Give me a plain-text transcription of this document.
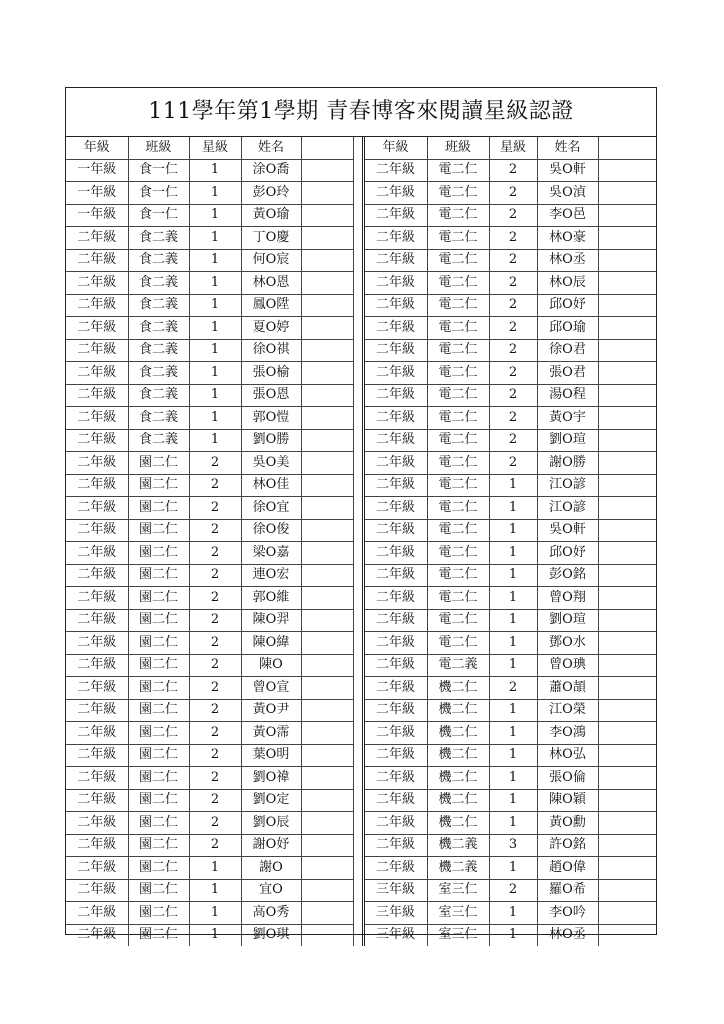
111學年第1學期 青春博客來閱讀星級認證
年級	班級	星級	姓名			年級	班級	星級	姓名	
一年級	食一仁	1	涂O喬			二年級	電二仁	2	吳O軒	
一年級	食一仁	1	彭O玲			二年級	電二仁	2	吳O湞	
一年級	食一仁	1	黃O瑜			二年級	電二仁	2	李O邑	
二年級	食二義	1	丁O慶			二年級	電二仁	2	林O豪	
二年級	食二義	1	何O宸			二年級	電二仁	2	林O丞	
二年級	食二義	1	林O恩			二年級	電二仁	2	林O辰	
二年級	食二義	1	鳳O陞			二年級	電二仁	2	邱O妤	
二年級	食二義	1	夏O婷			二年級	電二仁	2	邱O瑜	
二年級	食二義	1	徐O祺			二年級	電二仁	2	徐O君	
二年級	食二義	1	張O榆			二年級	電二仁	2	張O君	
二年級	食二義	1	張O恩			二年級	電二仁	2	湯O程	
二年級	食二義	1	郭O愷			二年級	電二仁	2	黃O宇	
二年級	食二義	1	劉O勝			二年級	電二仁	2	劉O瑄	
二年級	園二仁	2	吳O美			二年級	電二仁	2	謝O勝	
二年級	園二仁	2	林O佳			二年級	電二仁	1	江O諺	
二年級	園二仁	2	徐O宜			二年級	電二仁	1	江O諺	
二年級	園二仁	2	徐O俊			二年級	電二仁	1	吳O軒	
二年級	園二仁	2	梁O嘉			二年級	電二仁	1	邱O妤	
二年級	園二仁	2	連O宏			二年級	電二仁	1	彭O銘	
二年級	園二仁	2	郭O維			二年級	電二仁	1	曾O翔	
二年級	園二仁	2	陳O羿			二年級	電二仁	1	劉O瑄	
二年級	園二仁	2	陳O緯			二年級	電二仁	1	鄧O水	
二年級	園二仁	2	陳O			二年級	電二義	1	曾O琠	
二年級	園二仁	2	曾O宣			二年級	機二仁	2	蕭O頡	
二年級	園二仁	2	黃O尹			二年級	機二仁	1	江O榮	
二年級	園二仁	2	黃O霈			二年級	機二仁	1	李O鴻	
二年級	園二仁	2	葉O明			二年級	機二仁	1	林O弘	
二年級	園二仁	2	劉O禕			二年級	機二仁	1	張O倫	
二年級	園二仁	2	劉O定			二年級	機二仁	1	陳O穎	
二年級	園二仁	2	劉O辰			二年級	機二仁	1	黃O勳	
二年級	園二仁	2	謝O妤			二年級	機二義	3	許O銘	
二年級	園二仁	1	謝O			二年級	機二義	1	趙O偉	
二年級	園二仁	1	宜O			三年級	室三仁	2	羅O希	
二年級	園二仁	1	高O秀			三年級	室三仁	1	李O吟	
二年級	園二仁	1	劉O琪			三年級	室三仁	1	林O丞	
